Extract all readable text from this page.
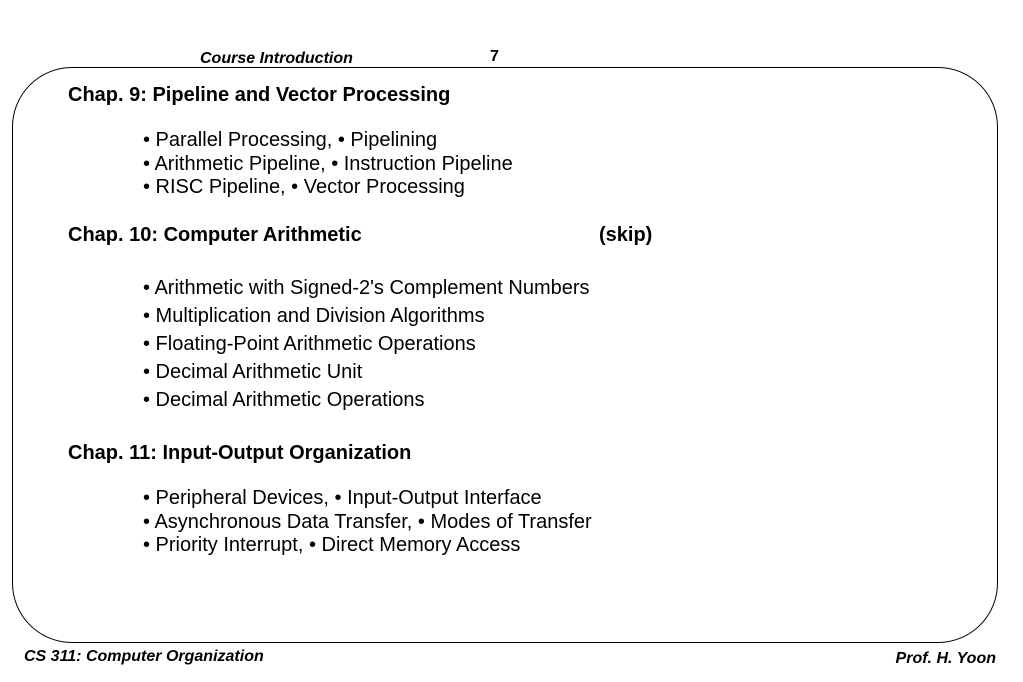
Course Introduction	7
Chap. 9: Pipeline and Vector Processing
• Parallel Processing, • Pipelining
• Arithmetic Pipeline, • Instruction Pipeline
• RISC Pipeline, • Vector Processing
Chap. 10: Computer Arithmetic	(skip)
• Arithmetic with Signed-2's Complement Numbers
• Multiplication and Division Algorithms
• Floating-Point Arithmetic Operations
• Decimal Arithmetic Unit
• Decimal Arithmetic Operations
Chap. 11: Input-Output Organization
• Peripheral Devices, • Input-Output Interface
• Asynchronous Data Transfer, • Modes of Transfer
• Priority Interrupt, • Direct Memory Access
CS 311: Computer Organization	Prof. H. Yoon
